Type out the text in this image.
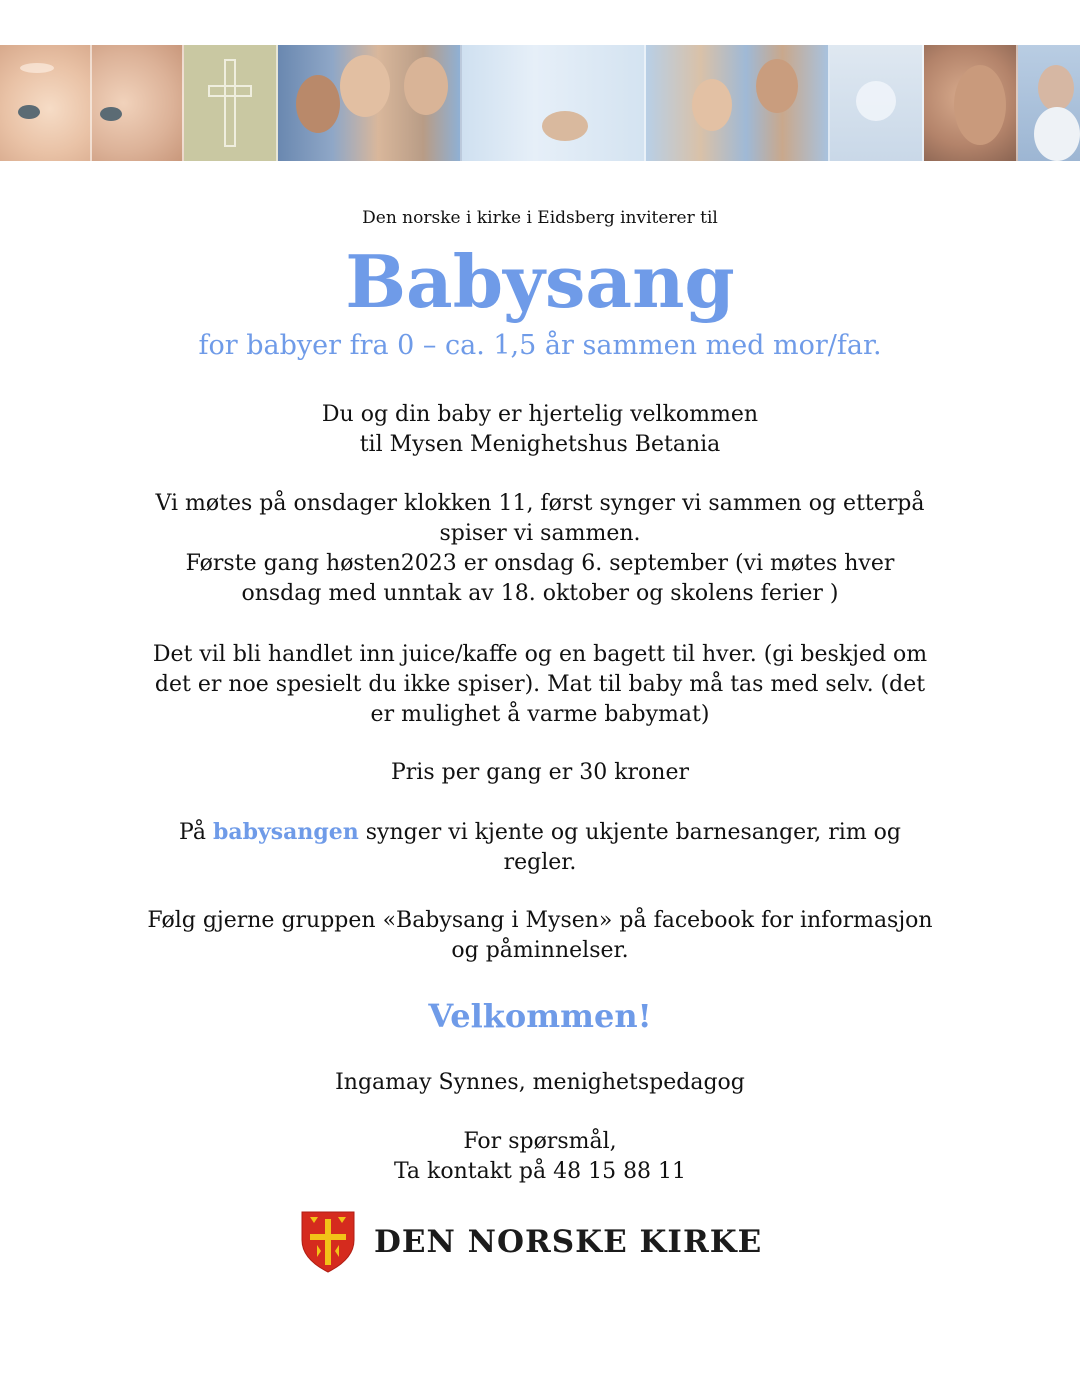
Den norske i kirke i Eidsberg inviterer til
Babysang
for babyer fra 0 – ca. 1,5 år sammen med mor/far.
Du og din baby er hjertelig velkommen
til Mysen Menighetshus Betania
Vi møtes på onsdager klokken 11, først synger vi sammen og etterpå
spiser vi sammen.
Første gang høsten2023 er onsdag 6. september (vi møtes hver
onsdag med unntak av 18. oktober og skolens ferier )
Det vil bli handlet inn juice/kaffe og en bagett til hver. (gi beskjed om
det er noe spesielt du ikke spiser). Mat til baby må tas med selv. (det
er mulighet å varme babymat)
Pris per gang er 30 kroner
På babysangen synger vi kjente og ukjente barnesanger, rim og
regler.
Følg gjerne gruppen «Babysang i Mysen» på facebook for informasjon
og påminnelser.
Velkommen!
Ingamay Synnes, menighetspedagog
For spørsmål,
Ta kontakt på 48 15 88 11
DEN NORSKE KIRKE
